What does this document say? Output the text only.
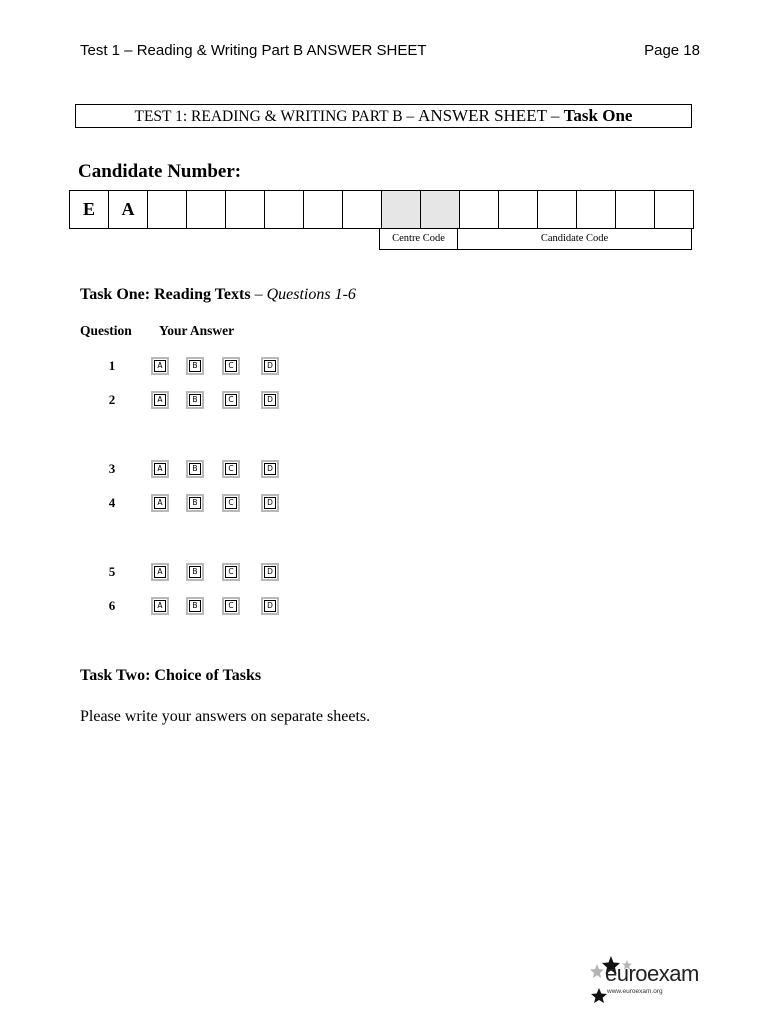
Test 1 – Reading & Writing Part B ANSWER SHEET	Page 18
TEST 1: READING & WRITING PART B – ANSWER SHEET – Task One
Candidate Number:
E	A
Centre Code	Candidate Code
Task One: Reading Texts – Questions 1-6
Question Your Answer
1	A	B	C	D
2	A	B	C	D
3	A	B	C	D
4	A	B	C	D
5	A	B	C	D
6	A	B	C	D
Task Two: Choice of Tasks
Please write your answers on separate sheets.
euroexam
www.euroexam.org
